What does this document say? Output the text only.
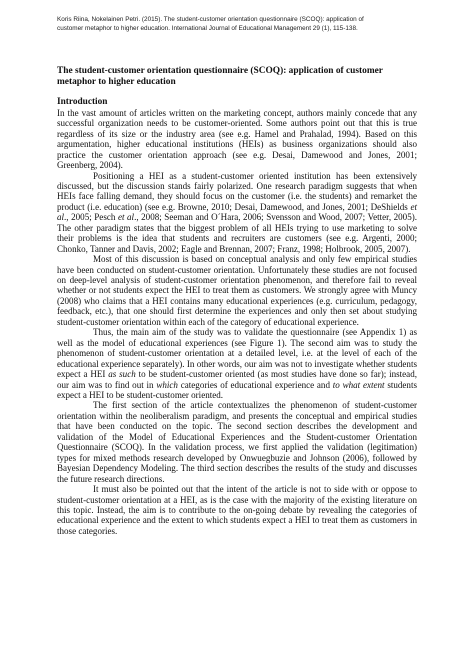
Koris Riina, Nokelainen Petri. (2015). The student-customer orientation questionnaire (SCOQ): application of
customer metaphor to higher education. International Journal of Educational Management 29 (1), 115-138.

The student-customer orientation questionnaire (SCOQ): application of customer metaphor to higher education

Introduction

In the vast amount of articles written on the marketing concept, authors mainly concede that any successful organization needs to be customer-oriented. Some authors point out that this is true regardless of its size or the industry area (see e.g. Hamel and Prahalad, 1994). Based on this argumentation, higher educational institutions (HEIs) as business organizations should also practice the customer orientation approach (see e.g. Desai, Damewood and Jones, 2001; Greenberg, 2004).

Positioning a HEI as a student-customer oriented institution has been extensively discussed, but the discussion stands fairly polarized. One research paradigm suggests that when HEIs face falling demand, they should focus on the customer (i.e. the students) and remarket the product (i.e. education) (see e.g. Browne, 2010; Desai, Damewood, and Jones, 2001; DeShields et al., 2005; Pesch et al., 2008; Seeman and O´Hara, 2006; Svensson and Wood, 2007; Vetter, 2005). The other paradigm states that the biggest problem of all HEIs trying to use marketing to solve their problems is the idea that students and recruiters are customers (see e.g. Argenti, 2000; Chonko, Tanner and Davis, 2002; Eagle and Brennan, 2007; Franz, 1998; Holbrook, 2005, 2007).

Most of this discussion is based on conceptual analysis and only few empirical studies have been conducted on student-customer orientation. Unfortunately these studies are not focused on deep-level analysis of student-customer orientation phenomenon, and therefore fail to reveal whether or not students expect the HEI to treat them as customers. We strongly agree with Muncy (2008) who claims that a HEI contains many educational experiences (e.g. curriculum, pedagogy, feedback, etc.), that one should first determine the experiences and only then set about studying student-customer orientation within each of the category of educational experience.

Thus, the main aim of the study was to validate the questionnaire (see Appendix 1) as well as the model of educational experiences (see Figure 1). The second aim was to study the phenomenon of student-customer orientation at a detailed level, i.e. at the level of each of the educational experience separately). In other words, our aim was not to investigate whether students expect a HEI as such to be student-customer oriented (as most studies have done so far); instead, our aim was to find out in which categories of educational experience and to what extent students expect a HEI to be student-customer oriented.

The first section of the article contextualizes the phenomenon of student-customer orientation within the neoliberalism paradigm, and presents the conceptual and empirical studies that have been conducted on the topic. The second section describes the development and validation of the Model of Educational Experiences and the Student-customer Orientation Questionnaire (SCOQ). In the validation process, we first applied the validation (legitimation) types for mixed methods research developed by Onwuegbuzie and Johnson (2006), followed by Bayesian Dependency Modeling. The third section describes the results of the study and discusses the future research directions.

It must also be pointed out that the intent of the article is not to side with or oppose to student-customer orientation at a HEI, as is the case with the majority of the existing literature on this topic. Instead, the aim is to contribute to the on-going debate by revealing the categories of educational experience and the extent to which students expect a HEI to treat them as customers in those categories.
